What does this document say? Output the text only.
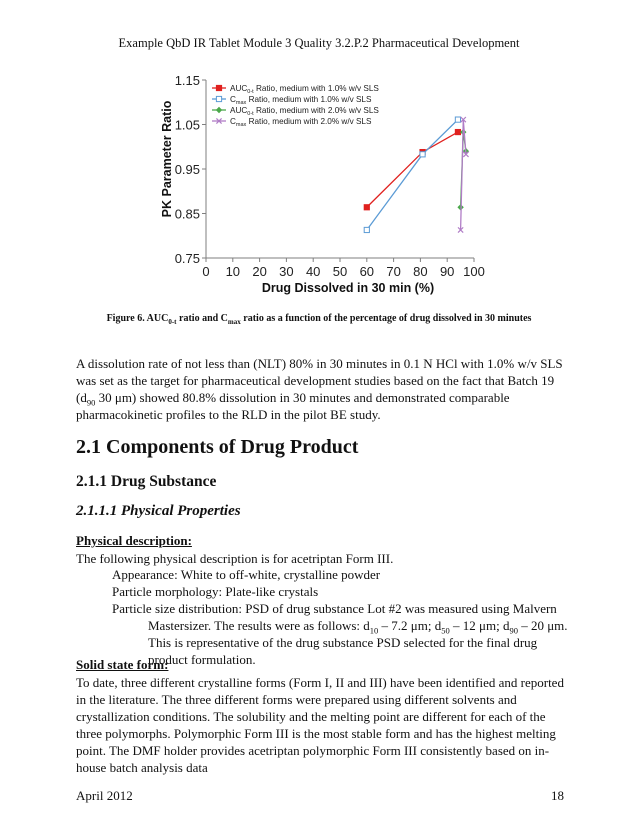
Example QbD IR Tablet Module 3 Quality 3.2.P.2 Pharmaceutical Development
0.75
0.85
0.95
1.05
1.15
0 10 20 30 40 50 60 70 80 90 100
Drug Dissolved in 30 min (%)
PK Parameter Ratio
$AUC_{0-t}$ Ratio, medium with 1.0% w/v SLS
$C_{max}$ Ratio, medium with 1.0% w/v SLS
$AUC_{0-t}$ Ratio, medium with 2.0% w/v SLS
$C_{max}$ Ratio, medium with 2.0% w/v SLS
Figure 6. $AUC_{0-t}$ ratio and $C_{max}$ ratio as a function of the percentage of drug dissolved in 30 minutes
A dissolution rate of not less than (NLT) 80% in 30 minutes in 0.1 N HCl with 1.0% w/v SLS was set as the target for pharmaceutical development studies based on the fact that Batch 19 ($d_{90}$ 30 μm) showed 80.8% dissolution in 30 minutes and demonstrated comparable pharmacokinetic profiles to the RLD in the pilot BE study.
2.1 Components of Drug Product
2.1.1 Drug Substance
2.1.1.1 Physical Properties
Physical description:
The following physical description is for acetriptan Form III.
Appearance: White to off-white, crystalline powder
Particle morphology: Plate-like crystals
Particle size distribution: PSD of drug substance Lot #2 was measured using Malvern
Mastersizer. The results were as follows: $d_{10} - 7.2$ μm; $d_{50} - 12$ μm; $d_{90} - 20$ μm. This is representative of the drug substance PSD selected for the final drug product formulation.
Solid state form:
To date, three different crystalline forms (Form I, II and III) have been identified and reported in the literature. The three different forms were prepared using different solvents and crystallization conditions. The solubility and the melting point are different for each of the three polymorphs. Polymorphic Form III is the most stable form and has the highest melting point. The DMF holder provides acetriptan polymorphic Form III consistently based on in-house batch analysis data
April 2012	18
